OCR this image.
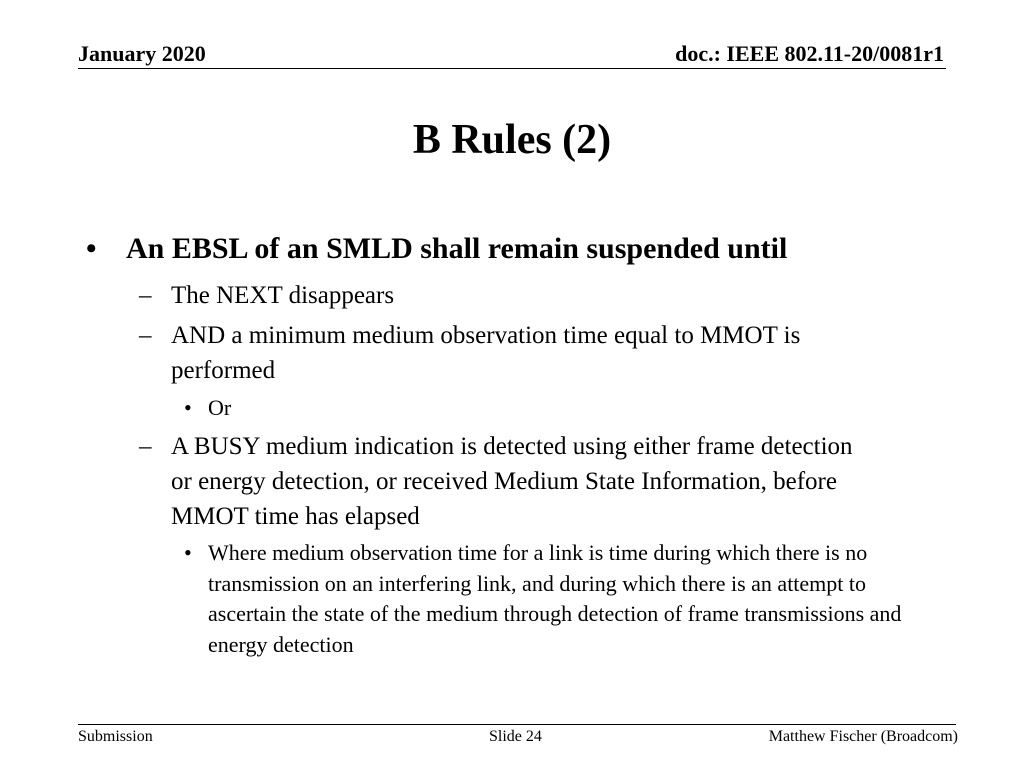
January 2020	doc.: IEEE 802.11-20/0081r1
B Rules (2)
• An EBSL of an SMLD shall remain suspended until
– The NEXT disappears
– AND a minimum medium observation time equal to MMOT is performed
• Or
– A BUSY medium indication is detected using either frame detection or energy detection, or received Medium State Information, before MMOT time has elapsed
• Where medium observation time for a link is time during which there is no transmission on an interfering link, and during which there is an attempt to ascertain the state of the medium through detection of frame transmissions and energy detection
Submission	Slide 24	Matthew Fischer (Broadcom)
